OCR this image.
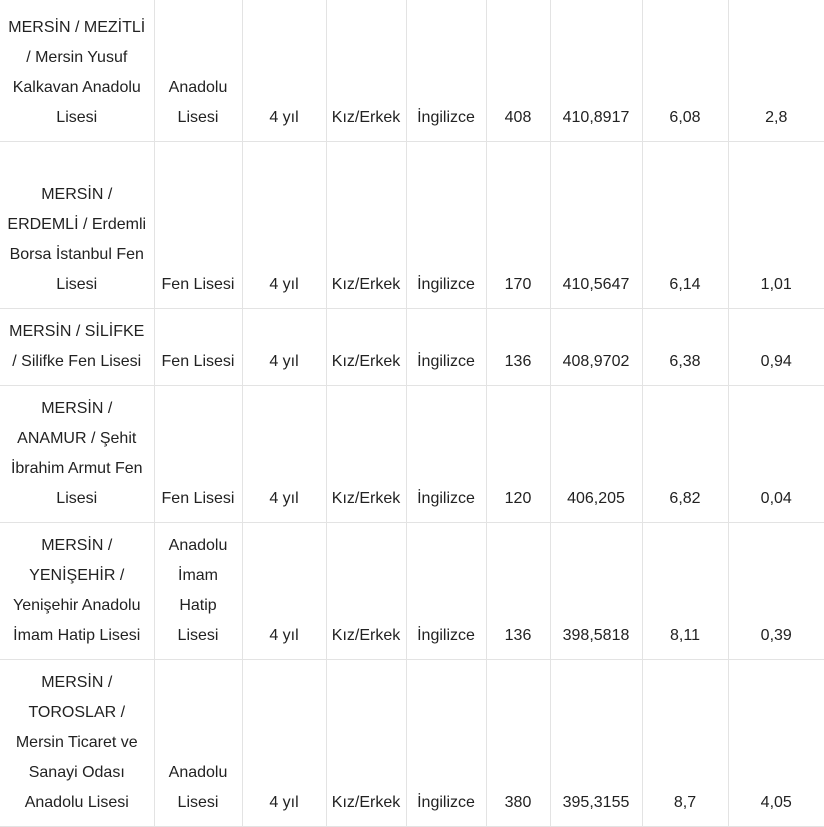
MERSİN / MEZİTLİ / Mersin Yusuf Kalkavan Anadolu Lisesi	Anadolu Lisesi	4 yıl	Kız/Erkek	İngilizce	408	410,8917	6,08	2,8
MERSİN / ERDEMLİ / Erdemli Borsa İstanbul Fen Lisesi	Fen Lisesi	4 yıl	Kız/Erkek	İngilizce	170	410,5647	6,14	1,01
MERSİN / SİLİFKE / Silifke Fen Lisesi	Fen Lisesi	4 yıl	Kız/Erkek	İngilizce	136	408,9702	6,38	0,94
MERSİN / ANAMUR / Şehit İbrahim Armut Fen Lisesi	Fen Lisesi	4 yıl	Kız/Erkek	İngilizce	120	406,205	6,82	0,04
MERSİN / YENİŞEHİR / Yenişehir Anadolu İmam Hatip Lisesi	Anadolu İmam Hatip Lisesi	4 yıl	Kız/Erkek	İngilizce	136	398,5818	8,11	0,39
MERSİN / TOROSLAR / Mersin Ticaret ve Sanayi Odası Anadolu Lisesi	Anadolu Lisesi	4 yıl	Kız/Erkek	İngilizce	380	395,3155	8,7	4,05
